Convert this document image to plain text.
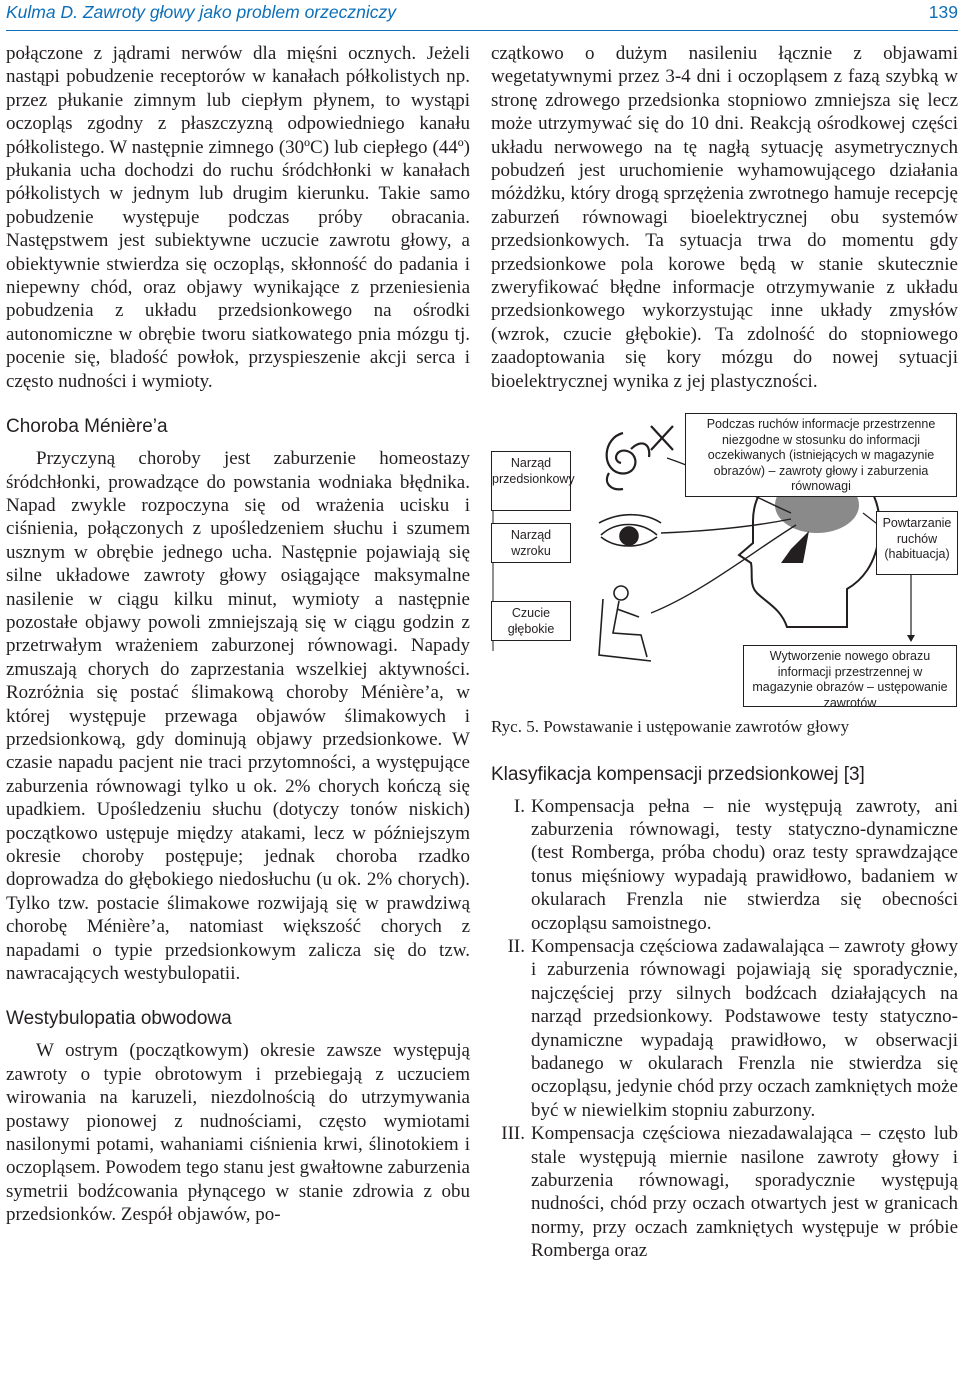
Kulma D. Zawroty głowy jako problem orzeczniczy	139

połączone z jądrami nerwów dla mięśni ocznych. Jeżeli nastąpi pobudzenie receptorów w kanałach półkolistych np. przez płukanie zimnym lub ciepłym płynem, to wystąpi oczopląs zgodny z płaszczyzną odpowiedniego kanału półkolistego. W następnie zimnego (30ºC) lub ciepłego (44º) płukania ucha dochodzi do ruchu śródchłonki w kanałach półkolistych w jednym lub drugim kierunku. Takie samo pobudzenie występuje podczas próby obracania. Następstwem jest subiektywne uczucie zawrotu głowy, a obiektywnie stwierdza się oczopląs, skłonność do padania i niepewny chód, oraz objawy wynikające z przeniesienia pobudzenia z układu przedsionkowego na ośrodki autonomiczne w obrębie tworu siatkowatego pnia mózgu tj. pocenie się, bladość powłok, przyspieszenie akcji serca i często nudności i wymioty.

Choroba Ménière’a

Przyczyną choroby jest zaburzenie homeostazy śródchłonki, prowadzące do powstania wodniaka błędnika. Napad zwykle rozpoczyna się od wrażenia ucisku i ciśnienia, połączonych z upośledzeniem słuchu i szumem usznym w obrębie jednego ucha. Następnie pojawiają się silne układowe zawroty głowy osiągające maksymalne nasilenie w ciągu kilku minut, wymioty a następnie pozostałe objawy powoli zmniejszają się w ciągu godzin z przetrwałym wrażeniem zaburzonej równowagi. Napady zmuszają chorych do zaprzestania wszelkiej aktywności. Rozróżnia się postać ślimakową choroby Ménière’a, w której występuje przewaga objawów ślimakowych i przedsionkową, gdy dominują objawy przedsionkowe. W czasie napadu pacjent nie traci przytomności, a występujące zaburzenia równowagi tylko u ok. 2% chorych kończą się upadkiem. Upośledzeniu słuchu (dotyczy tonów niskich) początkowo ustępuje między atakami, lecz w późniejszym okresie choroby postępuje; jednak choroba rzadko doprowadza do głębokiego niedosłuchu (u ok. 2% chorych). Tylko tzw. postacie ślimakowe rozwijają się w prawdziwą chorobę Ménière’a, natomiast większość chorych z napadami o typie przedsionkowym zalicza się do tzw. nawracających westybulopatii.

Westybulopatia obwodowa

W ostrym (początkowym) okresie zawsze występują zawroty o typie obrotowym i przebiegają z uczuciem wirowania na karuzeli, niezdolnością do utrzymywania postawy pionowej z nudnościami, często wymiotami nasilonymi potami, wahaniami ciśnienia krwi, ślinotokiem i oczopląsem. Powodem tego stanu jest gwałtowne zaburzenia symetrii bodźcowania płynącego w stanie zdrowia z obu przedsionków. Zespół objawów, po-

czątkowo o dużym nasileniu łącznie z objawami wegetatywnymi przez 3-4 dni i oczopląsem z fazą szybką w stronę zdrowego przedsionka stopniowo zmniejsza się lecz może utrzymywać się do 10 dni. Reakcją ośrodkowej części układu nerwowego na tę nagłą sytuację asymetrycznych pobudzeń jest uruchomienie wyhamowującego działania móżdżku, który drogą sprzężenia zwrotnego hamuje recepcję zaburzeń równowagi bioelektrycznej obu systemów przedsionkowych. Ta sytuacja trwa do momentu gdy przedsionkowe pola korowe będą w stanie skutecznie zweryfikować błędne informacje otrzymywanie z układu przedsionkowego wykorzystując inne układy zmysłów (wzrok, czucie głębokie). Ta zdolność do stopniowego zaadoptowania się kory mózgu do nowej sytuacji bioelektrycznej wynika z jej plastyczności.

Narząd przedsionkowy
Narząd wzroku
Czucie głębokie
Podczas ruchów informacje przestrzenne niezgodne w stosunku do informacji oczekiwanych (istniejących w magazynie obrazów) – zawroty głowy i zaburzenia równowagi
Powtarzanie ruchów (habituacja)
Wytworzenie nowego obrazu informacji przestrzennej w magazynie obrazów – ustępowanie zawrotów
Ryc. 5. Powstawanie i ustępowanie zawrotów głowy
Klasyfikacja kompensacji przedsionkowej [3]
I. Kompensacja pełna – nie występują zawroty, ani zaburzenia równowagi, testy statyczno-dynamiczne (test Romberga, próba chodu) oraz testy sprawdzające tonus mięśniowy wypadają prawidłowo, badaniem w okularach Frenzla nie stwierdza się obecności oczopląsu samoistnego.
II. Kompensacja częściowa zadawalająca – zawroty głowy i zaburzenia równowagi pojawiają się sporadycznie, najczęściej przy silnych bodźcach działających na narząd przedsionkowy. Podstawowe testy statyczno-dynamiczne wypadają prawidłowo, w obserwacji badanego w okularach Frenzla nie stwierdza się oczopląsu, jedynie chód przy oczach zamkniętych może być w niewielkim stopniu zaburzony.
III. Kompensacja częściowa niezadawalająca – często lub stale występują miernie nasilone zawroty głowy i zaburzenia równowagi, sporadycznie występują nudności, chód przy oczach otwartych jest w granicach normy, przy oczach zamkniętych występuje w próbie Romberga oraz
